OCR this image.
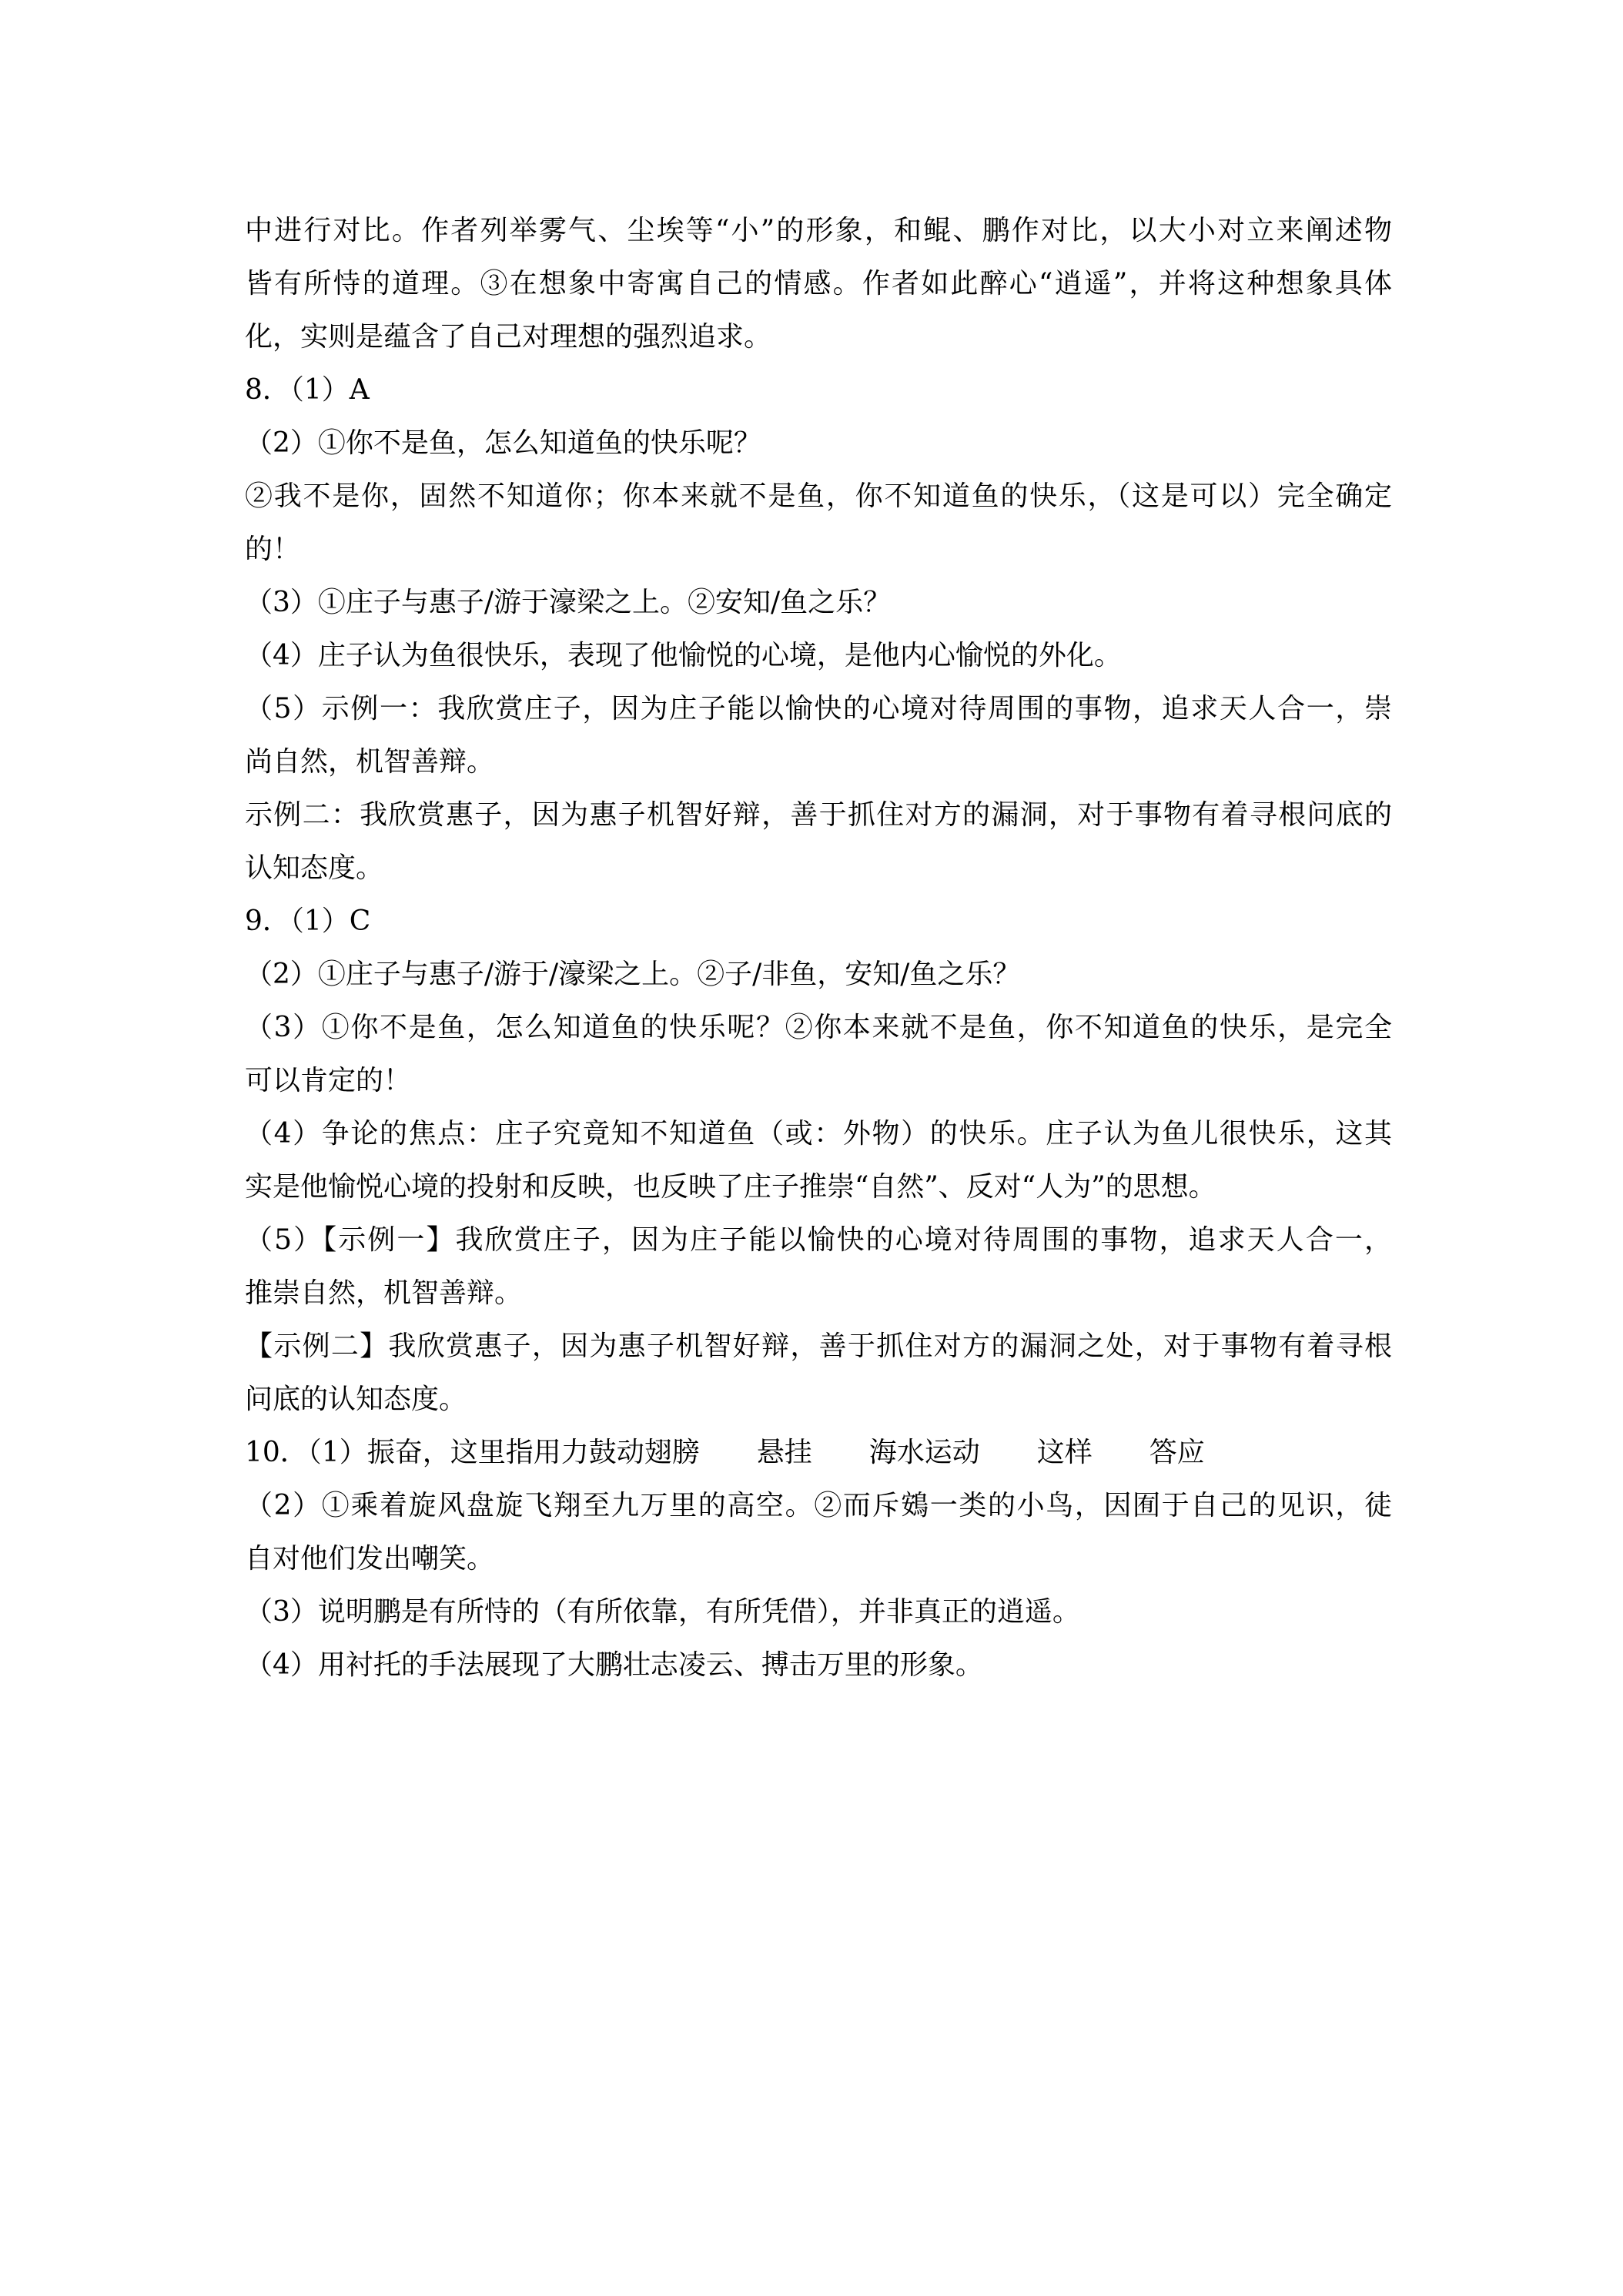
中进行对比。作者列举雾气、尘埃等“小”的形象，和鲲、鹏作对比，以大小对立来阐述物
皆有所恃的道理。③在想象中寄寓自己的情感。作者如此醉心“逍遥”，并将这种想象具体
化，实则是蕴含了自己对理想的强烈追求。
8．（1）A
（2）①你不是鱼，怎么知道鱼的快乐呢？
②我不是你，固然不知道你；你本来就不是鱼，你不知道鱼的快乐，（这是可以）完全确定
的！
（3）①庄子与惠子/游于濠梁之上。②安知/鱼之乐？
（4）庄子认为鱼很快乐，表现了他愉悦的心境，是他内心愉悦的外化。
（5）示例一：我欣赏庄子，因为庄子能以愉快的心境对待周围的事物，追求天人合一，崇
尚自然，机智善辩。
示例二：我欣赏惠子，因为惠子机智好辩，善于抓住对方的漏洞，对于事物有着寻根问底的
认知态度。
9．（1）C
（2）①庄子与惠子/游于/濠梁之上。②子/非鱼，安知/鱼之乐？
（3）①你不是鱼，怎么知道鱼的快乐呢？②你本来就不是鱼，你不知道鱼的快乐，是完全
可以肯定的！
（4）争论的焦点：庄子究竟知不知道鱼（或：外物）的快乐。庄子认为鱼儿很快乐，这其
实是他愉悦心境的投射和反映，也反映了庄子推崇“自然”、反对“人为”的思想。
（5）【示例一】我欣赏庄子，因为庄子能以愉快的心境对待周围的事物，追求天人合一，
推崇自然，机智善辩。
【示例二】我欣赏惠子，因为惠子机智好辩，善于抓住对方的漏洞之处，对于事物有着寻根
问底的认知态度。
10．（1）振奋，这里指用力鼓动翅膀 悬挂 海水运动 这样 答应
（2）①乘着旋风盘旋飞翔至九万里的高空。②而斥鴳一类的小鸟，因囿于自己的见识，徒
自对他们发出嘲笑。
（3）说明鹏是有所恃的（有所依靠，有所凭借），并非真正的逍遥。
（4）用衬托的手法展现了大鹏壮志凌云、搏击万里的形象。
